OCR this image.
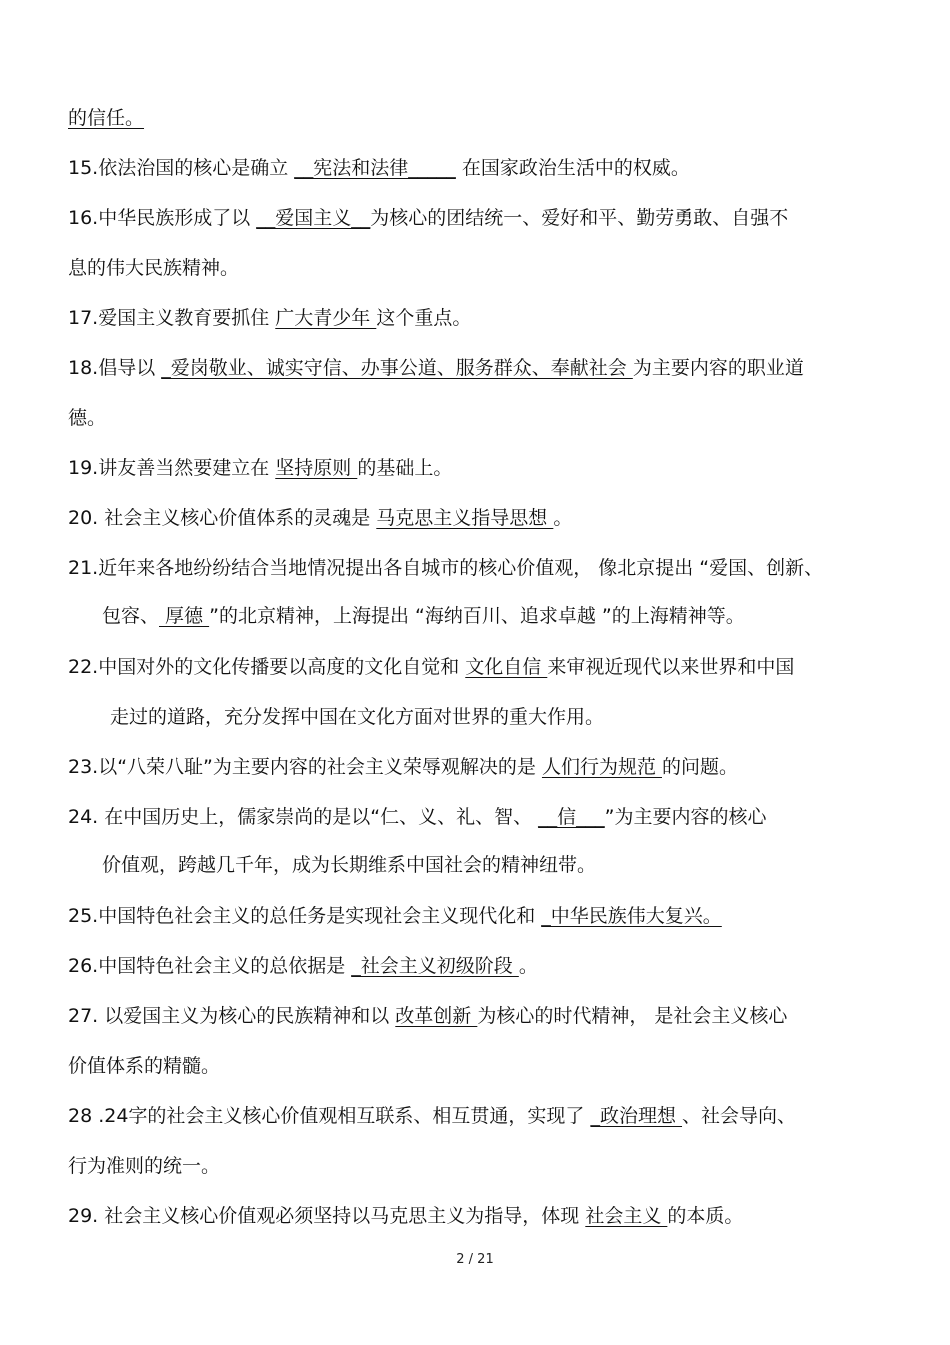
的信任。
15.依法治国的核心是确立 __宪法和法律_____ 在国家政治生活中的权威。
16.中华民族形成了以 __爱国主义__为核心的团结统一、爱好和平、勤劳勇敢、自强不
息的伟大民族精神。
17.爱国主义教育要抓住 广大青少年 这个重点。
18.倡导以 _爱岗敬业、诚实守信、办事公道、服务群众、奉献社会 为主要内容的职业道
德。
19.讲友善当然要建立在 坚持原则 的基础上。
20. 社会主义核心价值体系的灵魂是 马克思主义指导思想 。
21.近年来各地纷纷结合当地情况提出各自城市的核心价值观， 像北京提出 “爱国、创新、
包容、 厚德 ”的北京精神，上海提出 “海纳百川、追求卓越 ”的上海精神等。
22.中国对外的文化传播要以高度的文化自觉和 文化自信 来审视近现代以来世界和中国
走过的道路，充分发挥中国在文化方面对世界的重大作用。
23.以“八荣八耻”为主要内容的社会主义荣辱观解决的是 人们行为规范 的问题。
24. 在中国历史上，儒家崇尚的是以“仁、义、礼、智、 __信___”为主要内容的核心
价值观，跨越几千年，成为长期维系中国社会的精神纽带。
25.中国特色社会主义的总任务是实现社会主义现代化和 _中华民族伟大复兴。
26.中国特色社会主义的总依据是 _社会主义初级阶段 。
27. 以爱国主义为核心的民族精神和以 改革创新 为核心的时代精神， 是社会主义核心
价值体系的精髓。
28 .24字的社会主义核心价值观相互联系、相互贯通，实现了 _政治理想 、社会导向、
行为准则的统一。
29. 社会主义核心价值观必须坚持以马克思主义为指导，体现 社会主义 的本质。
2 / 21
